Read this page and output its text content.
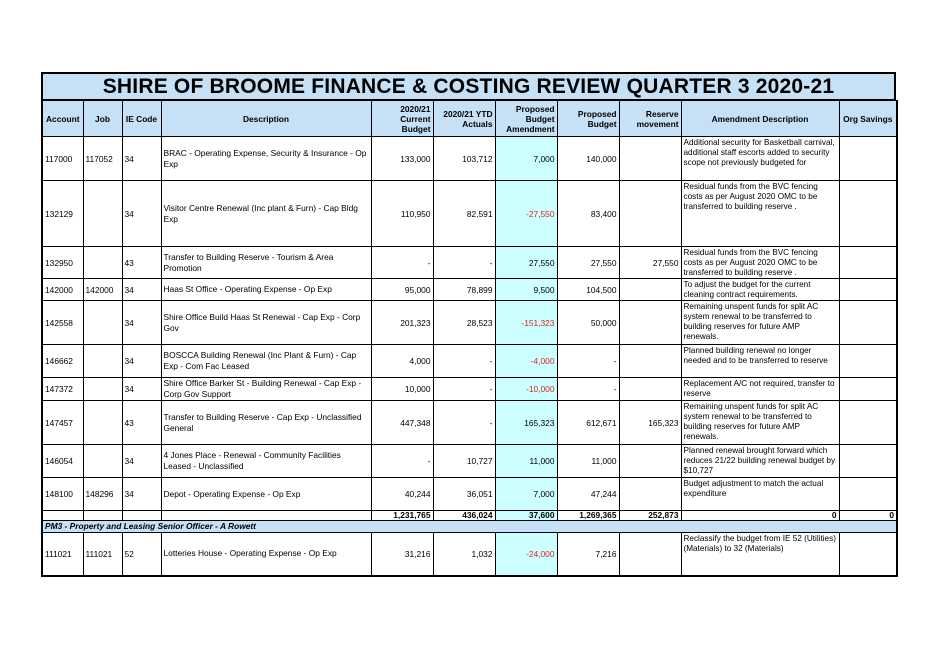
SHIRE OF BROOME FINANCE & COSTING REVIEW QUARTER 3 2020-21
Account	Job	IE Code	Description	2020/21 Current Budget	2020/21 YTD Actuals	Proposed Budget Amendment	Proposed Budget	Reserve movement	Amendment Description	Org Savings
117000	117052	34	BRAC - Operating Expense, Security & Insurance - Op Exp	133,000	103,712	7,000	140,000		Additional security for Basketball carnival, additional staff escorts added to security scope not previously budgeted for	
132129		34	Visitor Centre Renewal (Inc plant & Furn) - Cap Bldg Exp	110,950	82,591	-27,550	83,400		Residual funds from the BVC fencing costs as per August 2020 OMC to be transferred to building reserve .	
132950		43	Transfer to Building Reserve - Tourism & Area Promotion	-	-	27,550	27,550	27,550	Residual funds from the BVC fencing costs as per August 2020 OMC to be transferred to building reserve .	
142000	142000	34	Haas St Office - Operating Expense - Op Exp	95,000	78,899	9,500	104,500		To adjust the budget for the current cleaning contract requirements.	
142558		34	Shire Office Build Haas St Renewal - Cap Exp - Corp Gov	201,323	28,523	-151,323	50,000		Remaining unspent funds for split AC system renewal to be transferred to building reserves for future AMP renewals.	
146662		34	BOSCCA Building Renewal (Inc Plant & Furn) - Cap Exp - Com Fac Leased	4,000	-	-4,000	-		Planned building renewal no longer needed and to be transferred to reserve	
147372		34	Shire Office Barker St - Building Renewal - Cap Exp - Corp Gov Support	10,000	-	-10,000	-		Replacement A/C not required, transfer to reserve	
147457		43	Transfer to Building Reserve - Cap Exp - Unclassified General	447,348	-	165,323	612,671	165,323	Remaining unspent funds for split AC system renewal to be transferred to building reserves for future AMP renewals.	
146054		34	4 Jones Place - Renewal - Community Facilities Leased - Unclassified	-	10,727	11,000	11,000		Planned renewal brought forward which reduces 21/22 building renewal budget by $10,727	
148100	148296	34	Depot - Operating Expense - Op Exp	40,244	36,051	7,000	47,244		Budget adjustment to match the actual expenditure	
				1,231,765	436,024	37,600	1,269,365	252,873	0	0
PM3 - Property and Leasing Senior Officer - A Rowett										
111021	111021	52	Lotteries House - Operating Expense - Op Exp	31,216	1,032	-24,000	7,216		Reclassify the budget from IE 52 (Utilities) (Materials) to 32 (Materials)	
